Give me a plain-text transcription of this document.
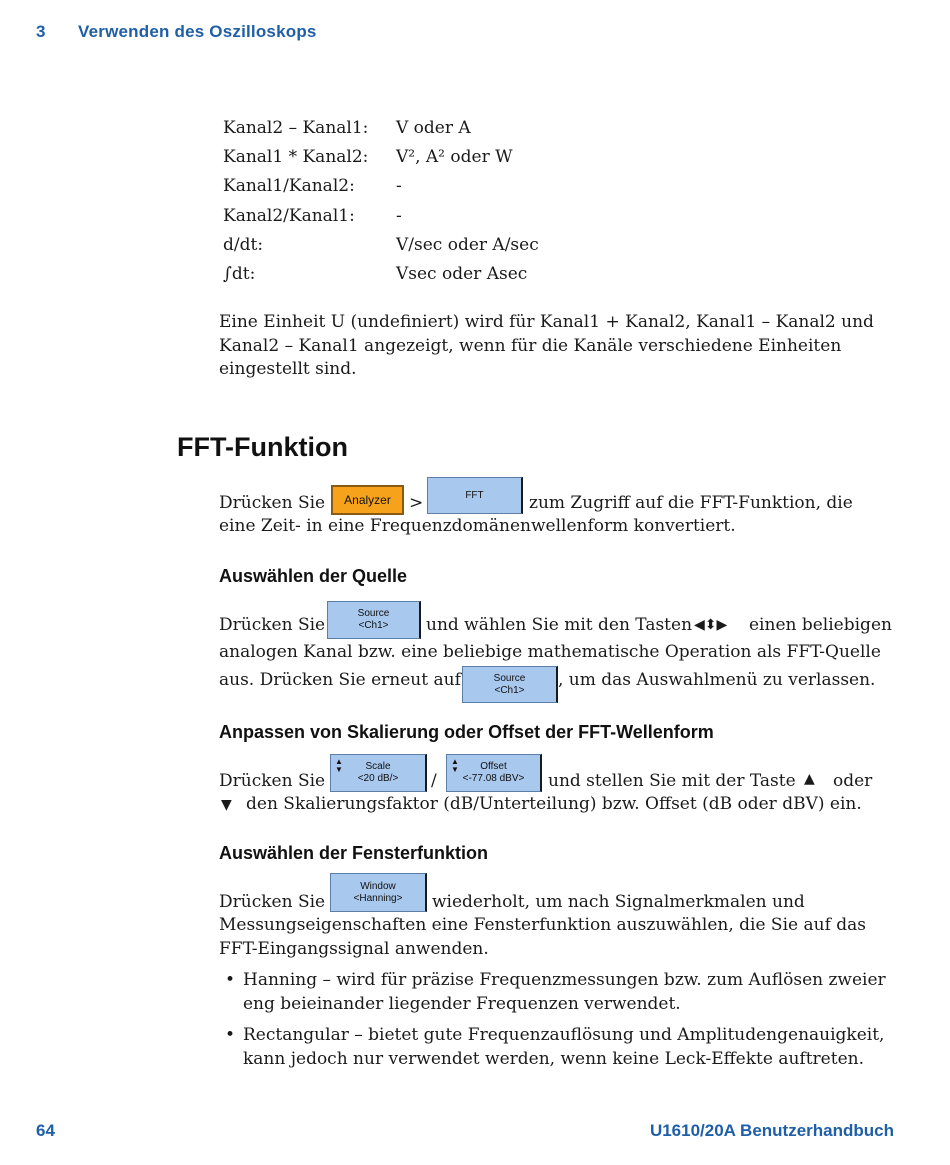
3 Verwenden des Oszilloskops
Kanal2 – Kanal1:	V oder A
Kanal1 * Kanal2:	V², A² oder W
Kanal1/Kanal2:	-
Kanal2/Kanal1:	-
d/dt:	V/sec oder A/sec
∫dt:	Vsec oder Asec
Eine Einheit U (undefiniert) wird für Kanal1 + Kanal2, Kanal1 – Kanal2 und Kanal2 – Kanal1 angezeigt, wenn für die Kanäle verschiedene Einheiten eingestellt sind.
FFT-Funktion
Drücken Sie	Analyzer	>	FFT	zum Zugriff auf die FFT-Funktion, die
eine Zeit- in eine Frequenzdomänenwellenform konvertiert.
Auswählen der Quelle
Drücken Sie
Source
<Ch1>	und wählen Sie mit den Tasten ◀⬍▶ einen beliebigen
analogen Kanal bzw. eine beliebige mathematische Operation als FFT-Quelle
aus. Drücken Sie erneut auf	Source
<Ch1>	, um das Auswahlmenü zu verlassen.
Anpassen von Skalierung oder Offset der FFT-Wellenform
Drücken Sie
▲
▼	Scale
<20 dB/>	/
▲
▼	Offset
<-77.08 dBV>	und stellen Sie mit der Taste ▲ oder
▼ den Skalierungsfaktor (dB/Unterteilung) bzw. Offset (dB oder dBV) ein.
Auswählen der Fensterfunktion
Drücken Sie
Window
<Hanning>	wiederholt, um nach Signalmerkmalen und
Messungseigenschaften eine Fensterfunktion auszuwählen, die Sie auf das
FFT-Eingangssignal anwenden.
• Hanning – wird für präzise Frequenzmessungen bzw. zum Auflösen zweier eng beieinander liegender Frequenzen verwendet.
• Rectangular – bietet gute Frequenzauflösung und Amplitudengenauigkeit, kann jedoch nur verwendet werden, wenn keine Leck-Effekte auftreten.
64	U1610/20A Benutzerhandbuch
